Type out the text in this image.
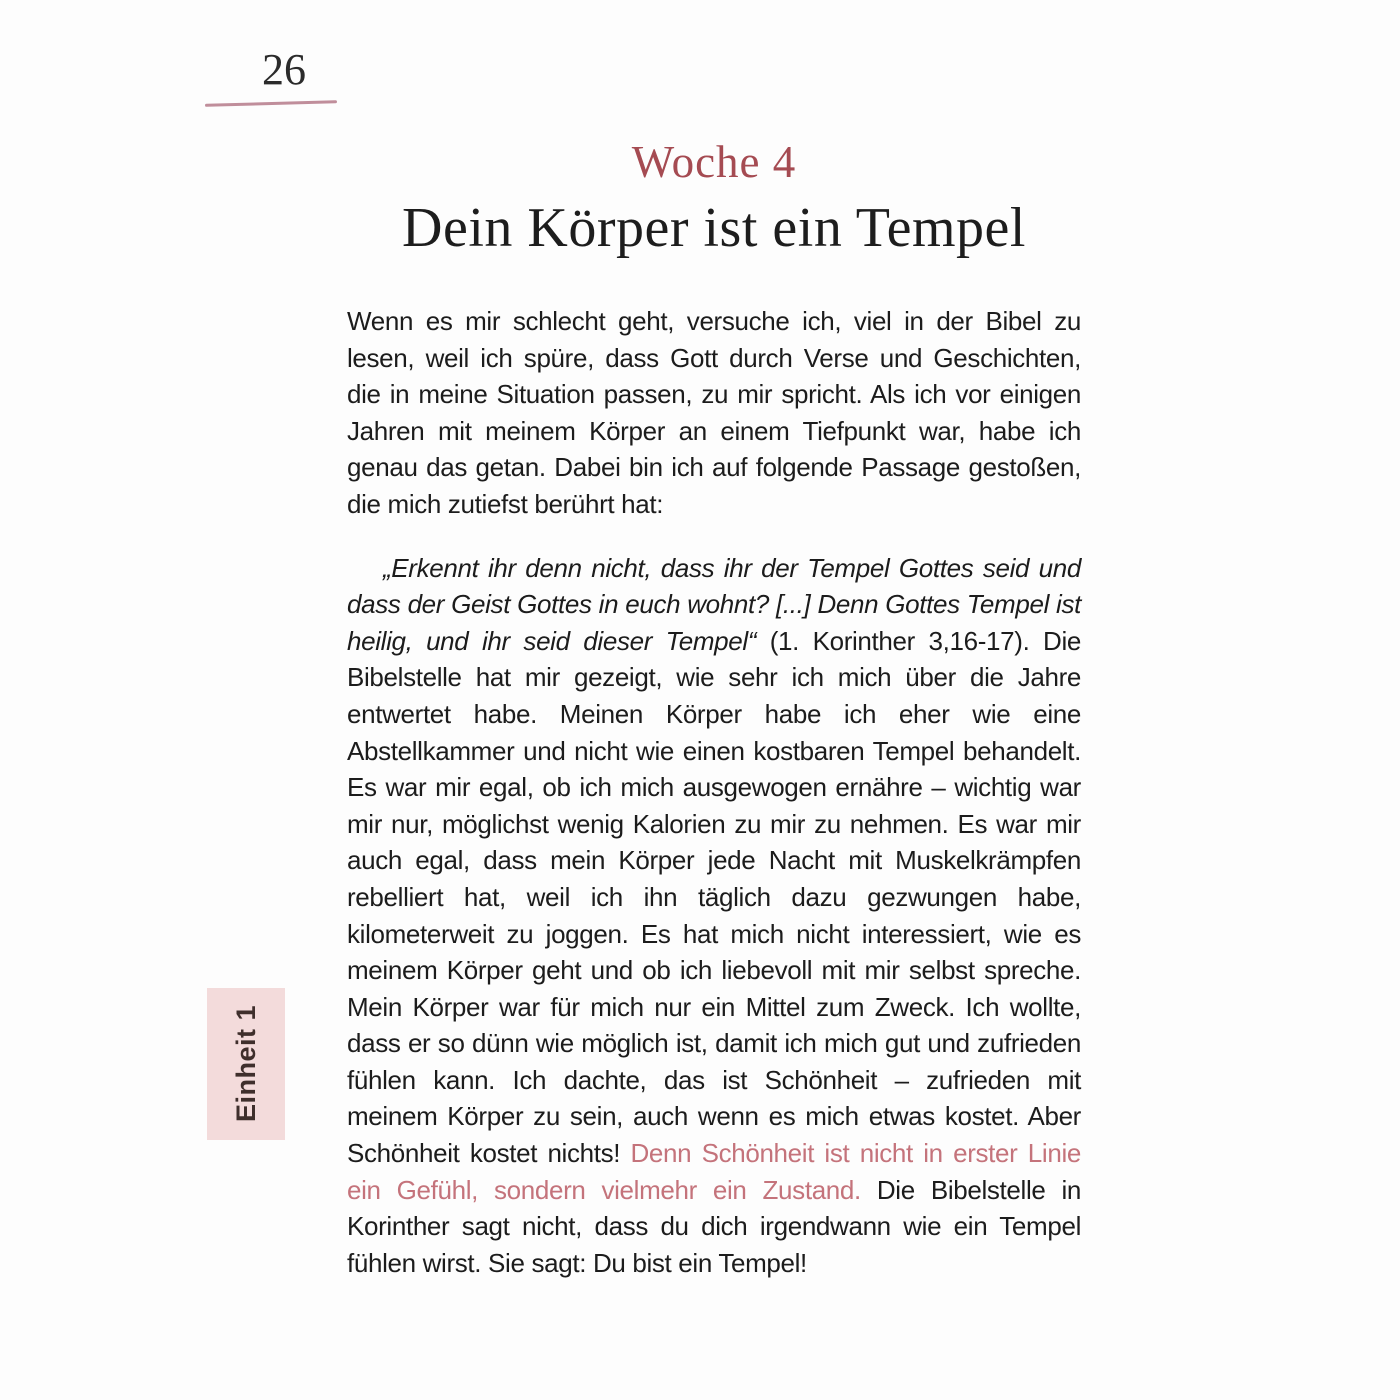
26
Woche 4
Dein Körper ist ein Tempel

Wenn es mir schlecht geht, versuche ich, viel in der Bibel zu lesen, weil ich spüre, dass Gott durch Verse und Geschichten, die in meine Situation passen, zu mir spricht. Als ich vor einigen Jahren mit meinem Körper an einem Tiefpunkt war, habe ich genau das getan. Dabei bin ich auf folgende Passage gestoßen, die mich zutiefst berührt hat:

„Erkennt ihr denn nicht, dass ihr der Tempel Gottes seid und dass der Geist Gottes in euch wohnt? [...] Denn Gottes Tempel ist heilig, und ihr seid dieser Tempel“ (1. Korinther 3,16-17). Die Bibelstelle hat mir gezeigt, wie sehr ich mich über die Jahre entwertet habe. Meinen Körper habe ich eher wie eine Abstellkammer und nicht wie einen kostbaren Tempel behandelt. Es war mir egal, ob ich mich ausgewogen ernähre – wichtig war mir nur, möglichst wenig Kalorien zu mir zu nehmen. Es war mir auch egal, dass mein Körper jede Nacht mit Muskelkrämpfen rebelliert hat, weil ich ihn täglich dazu gezwungen habe, kilometerweit zu joggen. Es hat mich nicht interessiert, wie es meinem Körper geht und ob ich liebevoll mit mir selbst spreche. Mein Körper war für mich nur ein Mittel zum Zweck. Ich wollte, dass er so dünn wie möglich ist, damit ich mich gut und zufrieden fühlen kann. Ich dachte, das ist Schönheit – zufrieden mit meinem Körper zu sein, auch wenn es mich etwas kostet. Aber Schönheit kostet nichts! Denn Schönheit ist nicht in erster Linie ein Gefühl, sondern vielmehr ein Zustand. Die Bibelstelle in Korinther sagt nicht, dass du dich irgendwann wie ein Tempel fühlen wirst. Sie sagt: Du bist ein Tempel!

Einheit 1
